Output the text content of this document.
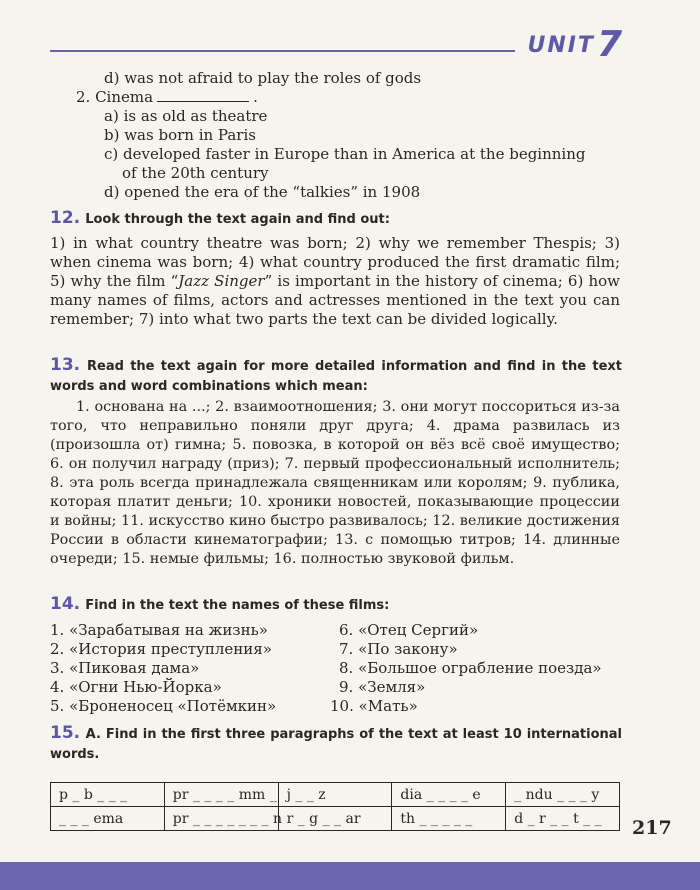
UNIT 7
d) was not afraid to play the roles of gods
2. Cinema	.
a) is as old as theatre
b) was born in Paris
c) developed faster in Europe than in America at the beginning
of the 20th century
d) opened the era of the “talkies” in 1908
12. Look through the text again and find out:
1) in what country theatre was born; 2) why we remember Thespis; 3) when cinema was born; 4) what country produced the first dramatic film; 5) why the film “Jazz Singer” is important in the history of cinema; 6) how many names of films, actors and actresses mentioned in the text you can remember; 7) into what two parts the text can be divided logically.
13. Read the text again for more detailed information and find in the text words and word combinations which mean:
1. основана на ...; 2. взаимоотношения; 3. они могут поссориться из-за того, что неправильно поняли друг друга; 4. драма развилась из (произошла от) гимна; 5. повозка, в которой он вёз всё своё имущество; 6. он получил награду (приз); 7. первый профессиональный исполнитель; 8. эта роль всегда принадлежала священникам или королям; 9. публика, которая платит деньги; 10. хроники новостей, показывающие процессии и войны; 11. искусство кино быстро развивалось; 12. великие достижения России в области кинематографии; 13. с помощью титров; 14. длинные очереди; 15. немые фильмы; 16. полностью звуковой фильм.
14. Find in the text the names of these films:
1. «Зарабатывая на жизнь»
2. «История преступления»
3. «Пиковая дама»
4. «Огни Нью-Йорка»
5. «Броненосец «Потёмкин»
6. «Отец Сергий»
7. «По закону»
8. «Большое ограбление поезда»
9. «Земля»
10. «Мать»
15. A. Find in the first three paragraphs of the text at least 10 international words.
p _ b _ _ _	pr _ _ _ _ mm _	j _ _ z	dia _ _ _ _ e	_ ndu _ _ _ y
_ _ _ ema	pr _ _ _ _ _ _ _ n	r _ g _ _ ar	th _ _ _ _ _	d _ r _ _ t _ _ 217
